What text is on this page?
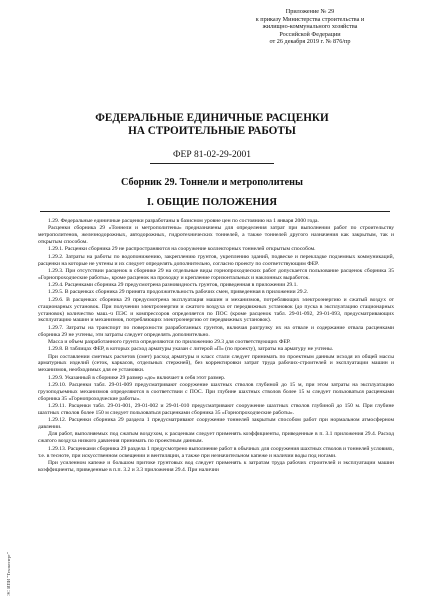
Приложение № 29
к приказу Министерства строительства и
жилищно-коммунального хозяйства
Российской Федерации
от 26 декабря 2019 г. № 876/пр
ФЕДЕРАЛЬНЫЕ ЕДИНИЧНЫЕ РАСЦЕНКИ
НА СТРОИТЕЛЬНЫЕ РАБОТЫ
ФЕР 81-02-29-2001
Сборник 29. Тоннели и метрополитены
I. ОБЩИЕ ПОЛОЖЕНИЯ

1.29. Федеральные единичные расценки разработаны в базисном уровне цен по состоянию на 1 января 2000 года.

Расценки сборника 29 «Тоннели и метрополитены» предназначены для определения затрат при выполнении работ по строительству метрополитенов, железнодорожных, автодорожных, гидротехнических тоннелей, а также тоннелей другого назначения как закрытым, так и открытым способом.

1.29.1. Расценки сборника 29 не распространяются на сооружение коллекторных тоннелей открытым способом.

1.29.2. Затраты на работы по водопонижению, закреплению грунтов, укреплению зданий, подвеске и перекладке подземных коммуникаций, расценки на которые не учтены и их следует определять дополнительно, согласно проекту по соответствующим ФЕР.

1.29.3. При отсутствии расценок в сборнике 29 на отдельные виды горнопроходческих работ допускается пользование расценок сборника 35 «Горнопроходческие работы», кроме расценок на проходку и крепление горизонтальных и наклонных выработок.

1.29.4. Расценками сборника 29 предусмотрена разновидность грунтов, приведенная в приложении 29.1.

1.29.5. В расценках сборника 29 принята продолжительность рабочих смен, приведенная в приложении 29.2.

1.29.6. В расценках сборника 29 предусмотрена эксплуатация машин и механизмов, потребляющих электроэнергию и сжатый воздух от стационарных установок. При получении электроэнергии и сжатого воздуха от передвижных установок (до пуска в эксплуатацию стационарных установок) количество маш.-ч ПЭС и компрессоров определяется по ПОС (кроме расценок табл. 29-01-092, 29-01-093, предусматривающих эксплуатацию машин и механизмов, потребляющих электроэнергию от передвижных установок).

1.29.7. Затраты на транспорт по поверхности разработанных грунтов, включая разгрузку их на отвале и содержание отвала расценками сборника 29 не учтены, эти затраты следует определять дополнительно.

Масса и объем разработанного грунта определяются по приложению 29.3 для соответствующих ФЕР.

1.29.8. В таблицах ФЕР, в которых расход арматуры указан с литерой «П» (по проекту), затраты на арматуру не учтены.

При составлении сметных расчетов (смет) расход арматуры и класс стали следует принимать по проектным данным исходя из общей массы арматурных изделий (сеток, каркасов, отдельных стержней), без корректировки затрат труда рабочих-строителей и эксплуатации машин и механизмов, необходимых для ее установки.

1.29.9. Указанный в сборнике 29 размер «до» включает в себя этот размер.

1.29.10. Расценки табл. 29-01-009 предусматривают сооружение шахтных стволов глубиной до 15 м, при этом затраты на эксплуатацию грузоподъемных механизмов определяются в соответствии с ПОС. При глубине шахтных стволов более 15 м следует пользоваться расценками сборника 35 «Горнопроходческие работы».

1.29.11. Расценки табл. 29-01-001, 29-01-002 и 29-01-010 предусматривают сооружение шахтных стволов глубиной до 150 м. При глубине шахтных стволов более 150 м следует пользоваться расценками сборника 35 «Горнопроходческие работы».

1.29.12. Расценки сборника 29 раздела 1 предусматривают сооружение тоннелей закрытым способом работ при нормальном атмосферном давлении.

Для работ, выполняемых под сжатым воздухом, к расценкам следует применять коэффициенты, приведенные в п. 3.1 приложения 29.4. Расход сжатого воздуха низкого давления принимать по проектным данным.

1.29.13. Расценками сборника 29 раздела 1 предусмотрено выполнение работ в обычных для сооружения шахтных стволов и тоннелей условиях, т.е. в тесноте, при искусственном освещении и вентиляции, а также при незначительном капеже и наличии воды под ногами.

При усиленном капеже и большом притоке грунтовых вод следует применять к затратам труда рабочих строителей и эксплуатации машин коэффициенты, приведенные в п.п. 3.2 и 3.3 приложения 29.4. При наличии

ЭС ИПИ "Техэксперт"
